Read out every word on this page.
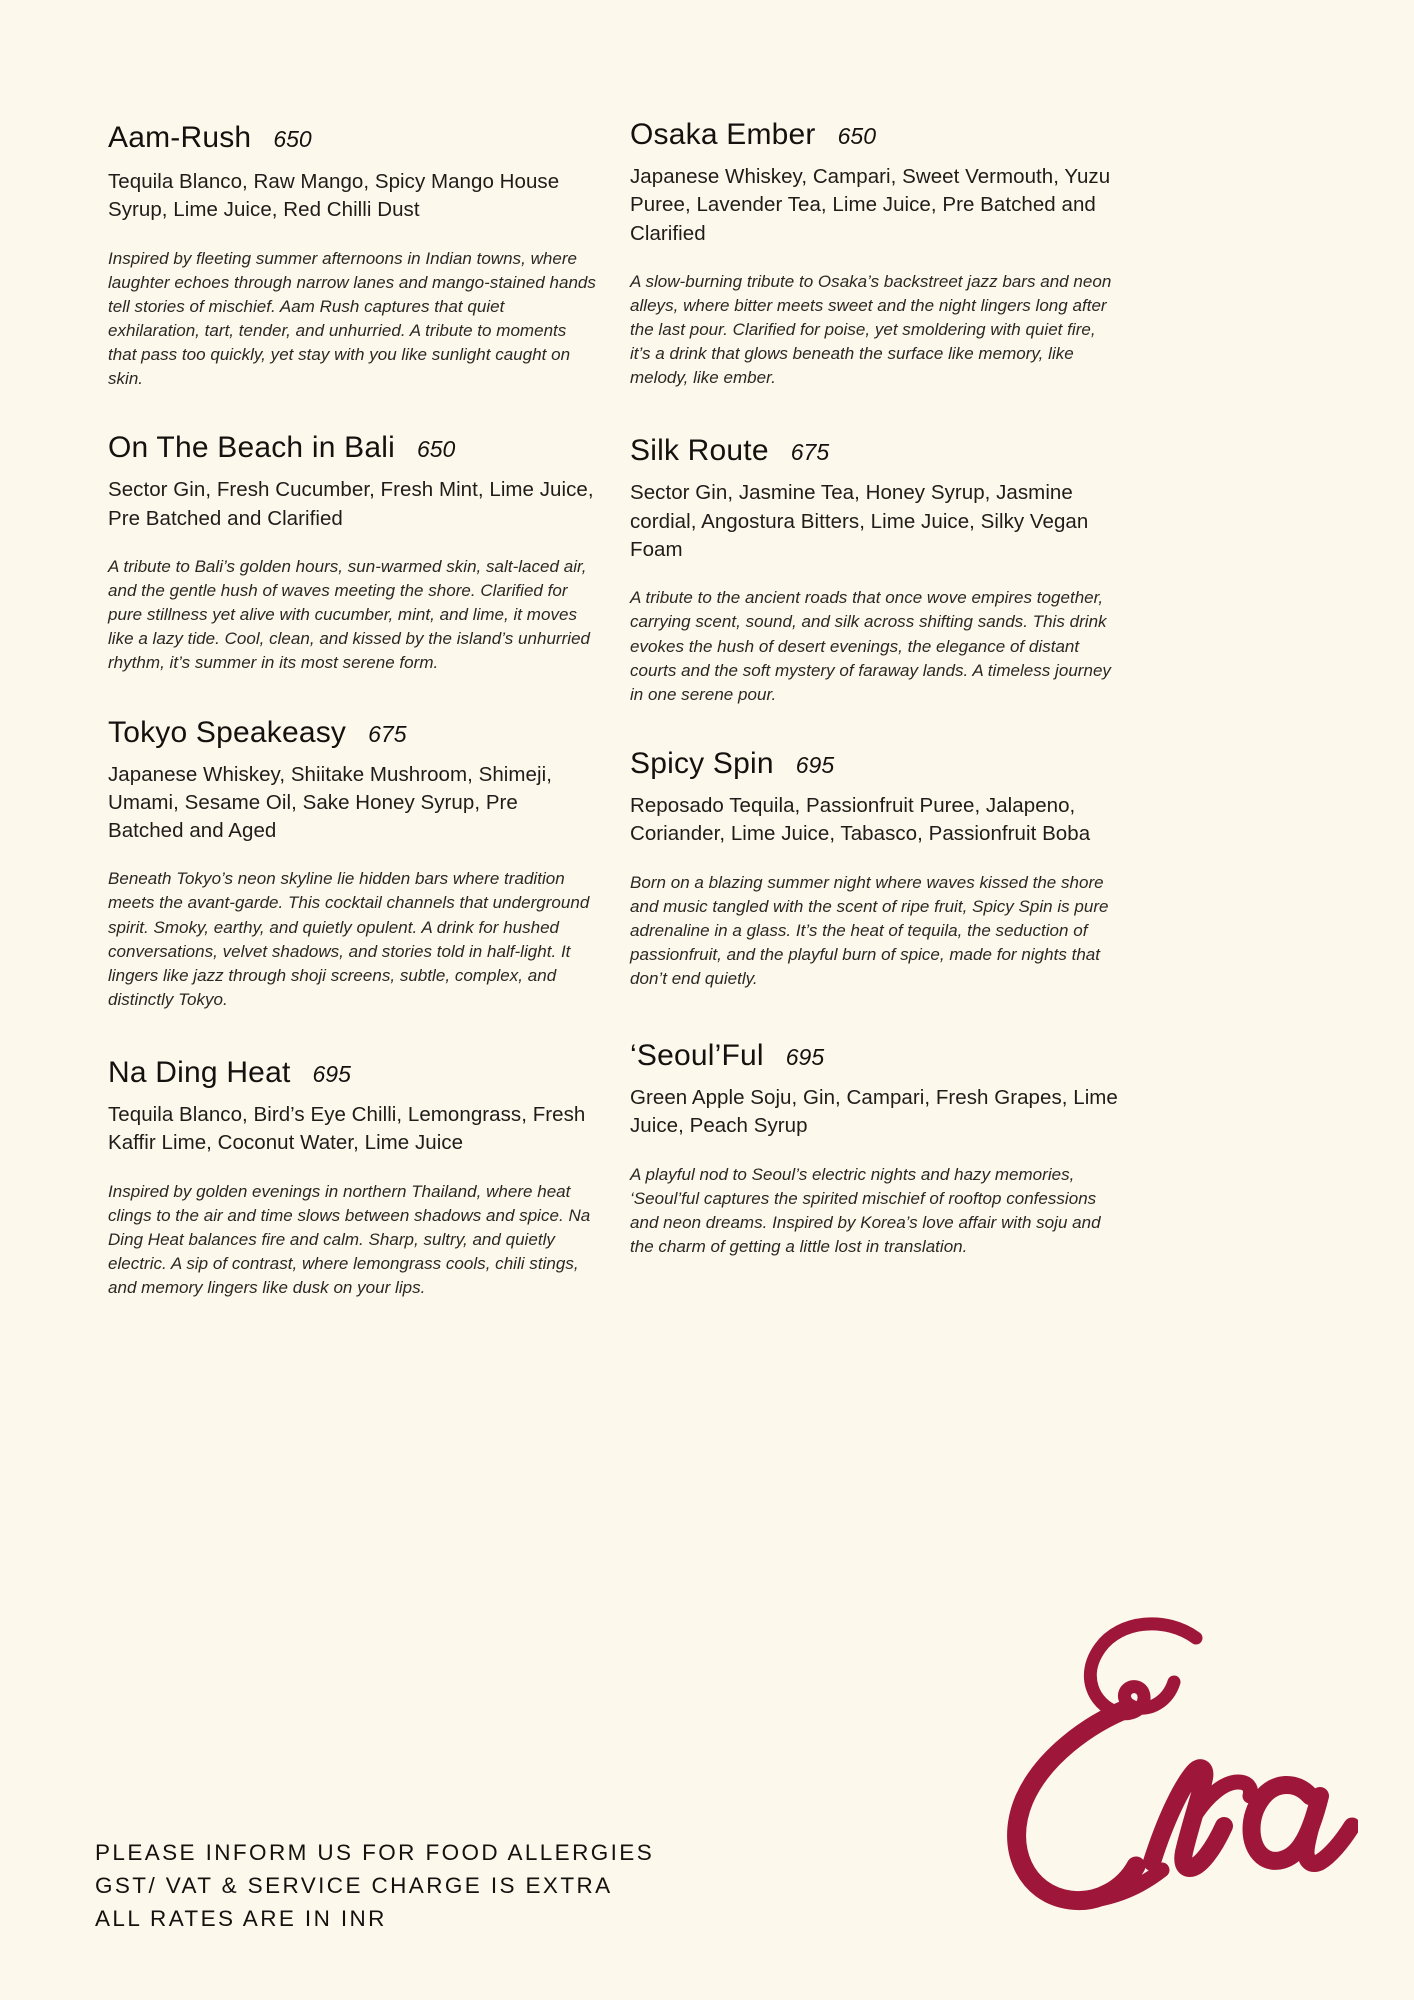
Aam-Rush 650

Tequila Blanco, Raw Mango, Spicy Mango House Syrup, Lime Juice, Red Chilli Dust

Inspired by fleeting summer afternoons in Indian towns, where laughter echoes through narrow lanes and mango-stained hands tell stories of mischief. Aam Rush captures that quiet exhilaration, tart, tender, and unhurried. A tribute to moments that pass too quickly, yet stay with you like sunlight caught on skin.

On The Beach in Bali 650

Sector Gin, Fresh Cucumber, Fresh Mint, Lime Juice, Pre Batched and Clarified

A tribute to Bali’s golden hours, sun-warmed skin, salt-laced air, and the gentle hush of waves meeting the shore. Clarified for pure stillness yet alive with cucumber, mint, and lime, it moves like a lazy tide. Cool, clean, and kissed by the island’s unhurried rhythm, it’s summer in its most serene form.

Tokyo Speakeasy 675

Japanese Whiskey, Shiitake Mushroom, Shimeji, Umami, Sesame Oil, Sake Honey Syrup, Pre Batched and Aged

Beneath Tokyo’s neon skyline lie hidden bars where tradition meets the avant-garde. This cocktail channels that underground spirit. Smoky, earthy, and quietly opulent. A drink for hushed conversations, velvet shadows, and stories told in half-light. It lingers like jazz through shoji screens, subtle, complex, and distinctly Tokyo.

Na Ding Heat 695

Tequila Blanco, Bird’s Eye Chilli, Lemongrass, Fresh Kaffir Lime, Coconut Water, Lime Juice

Inspired by golden evenings in northern Thailand, where heat clings to the air and time slows between shadows and spice. Na Ding Heat balances fire and calm. Sharp, sultry, and quietly electric. A sip of contrast, where lemongrass cools, chili stings, and memory lingers like dusk on your lips.

Osaka Ember 650

Japanese Whiskey, Campari, Sweet Vermouth, Yuzu Puree, Lavender Tea, Lime Juice, Pre Batched and Clarified

A slow-burning tribute to Osaka’s backstreet jazz bars and neon alleys, where bitter meets sweet and the night lingers long after the last pour. Clarified for poise, yet smoldering with quiet fire, it’s a drink that glows beneath the surface like memory, like melody, like ember.

Silk Route 675

Sector Gin, Jasmine Tea, Honey Syrup, Jasmine cordial, Angostura Bitters, Lime Juice, Silky Vegan Foam

A tribute to the ancient roads that once wove empires together, carrying scent, sound, and silk across shifting sands. This drink evokes the hush of desert evenings, the elegance of distant courts and the soft mystery of faraway lands. A timeless journey in one serene pour.

Spicy Spin 695

Reposado Tequila, Passionfruit Puree, Jalapeno, Coriander, Lime Juice, Tabasco, Passionfruit Boba

Born on a blazing summer night where waves kissed the shore and music tangled with the scent of ripe fruit, Spicy Spin is pure adrenaline in a glass. It’s the heat of tequila, the seduction of passionfruit, and the playful burn of spice, made for nights that don’t end quietly.

‘Seoul’Ful 695

Green Apple Soju, Gin, Campari, Fresh Grapes, Lime Juice, Peach Syrup

A playful nod to Seoul’s electric nights and hazy memories, ‘Seoul’ful captures the spirited mischief of rooftop confessions and neon dreams. Inspired by Korea’s love affair with soju and the charm of getting a little lost in translation.

PLEASE INFORM US FOR FOOD ALLERGIES
GST/ VAT & SERVICE CHARGE IS EXTRA
ALL RATES ARE IN INR
